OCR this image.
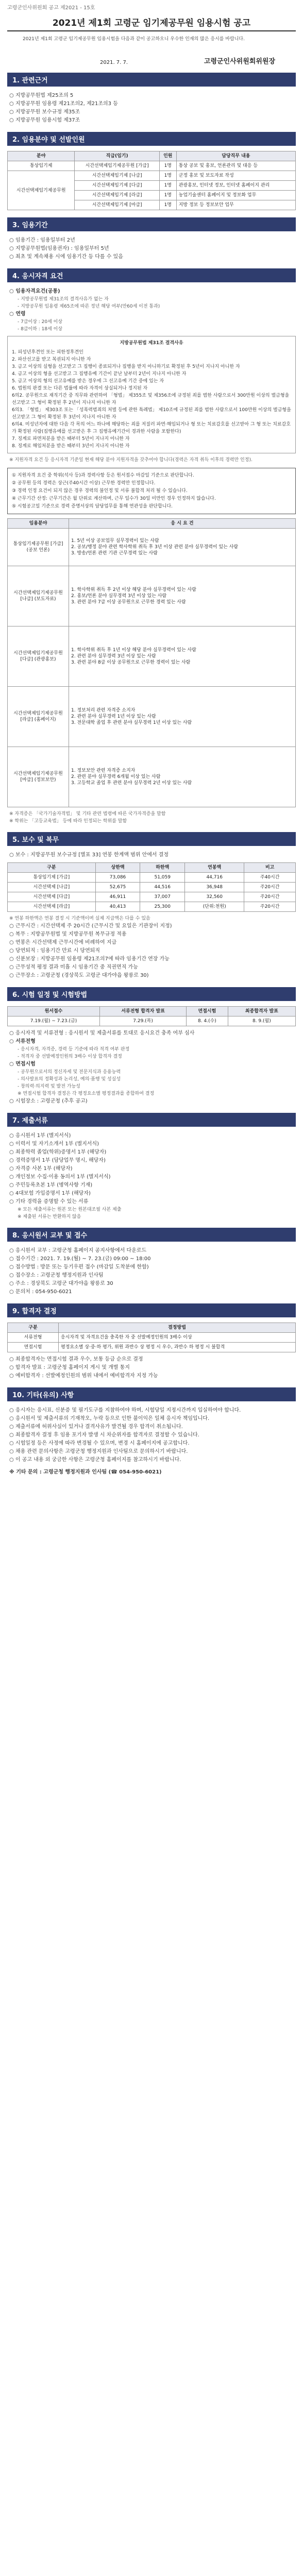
고령군인사위원회 공고 제2021 - 15호
2021년 제1회 고령군 임기제공무원 임용시험 공고
2021년 제1회 고령군 임기제공무원 임용시험을 다음과 같이 공고하오니 우수한 인재의 많은 응시를 바랍니다.
2021. 7. 7.	고령군인사위원회위원장
1. 관련근거
○ 지방공무원법 제25조의 5
○ 지방공무원 임용령 제21조의2, 제21조의3 등
○ 지방공무원 보수규정 제35조
○ 지방공무원 임용시험 제37조
2. 임용분야 및 선발인원
분야	직급(임기)	인원	담당직무 내용
통상임기제	시간선택제임기제공무원 [가급]	1명	통상 공보 및 홍보, 언론관리 및 대응 등
시간선택제임기제공무원	시간선택제임기제 [나급]	1명	군정 홍보 및 보도자료 작성
	시간선택제임기제 [다급]	1명	관광홍보, 인터넷 정보, 인터넷 홈페이지 관리
	시간선택제임기제 [라급]	1명	농업기술센터 홈페이지 및 정보화 업무
	시간선택제임기제 [마급]	1명	지방 정보 등 정보보안 업무
3. 임용기간
○ 임용기간 : 임용일부터 2년
○ 지방공무원법(임용권자) : 임용일부터 5년
○ 최초 및 계속채용 시에 임용기간 등 다를 수 있음
4. 응시자격 요건
○ 임용자격요건(공통)
- 지방공무원법 제31조의 결격사유가 없는 자
- 지방공무원 임용령 제65조에 따른 정년 해당 여부(만60세 이전 통과)
○ 연령
- 7급이상 : 20세 이상
- 8급이하 : 18세 이상
지방공무원법 제31조 결격사유
1. 피성년후견인 또는 피한정후견인
2. 파산선고를 받고 복권되지 아니한 자
3. 금고 이상의 실형을 선고받고 그 집행이 종료되거나 집행을 받지 아니하기로 확정된 후 5년이 지나지 아니한 자
4. 금고 이상의 형을 선고받고 그 집행유예 기간이 끝난 날부터 2년이 지나지 아니한 자
5. 금고 이상의 형의 선고유예를 받은 경우에 그 선고유예 기간 중에 있는 자
6. 법원의 판결 또는 다른 법률에 따라 자격이 상실되거나 정지된 자
6의2. 공무원으로 재직기간 중 직무와 관련하여 「형법」 제355조 및 제356조에 규정된 죄를 범한 사람으로서 300만원 이상의 벌금형을 선고받고 그 형이 확정된 후 2년이 지나지 아니한 자
6의3. 「형법」 제303조 또는 「성폭력범죄의 처벌 등에 관한 특례법」 제10조에 규정된 죄를 범한 사람으로서 100만원 이상의 벌금형을 선고받고 그 형이 확정된 후 3년이 지나지 아니한 자
6의4. 미성년자에 대한 다음 각 목의 어느 하나에 해당하는 죄를 저질러 파면·해임되거나 형 또는 치료감호를 선고받아 그 형 또는 치료감호가 확정된 사람(집행유예를 선고받은 후 그 집행유예기간이 경과한 사람을 포함한다)
7. 징계로 파면처분을 받은 때부터 5년이 지나지 아니한 자
8. 징계로 해임처분을 받은 때부터 3년이 지나지 아니한 자
※ 지원자격 요건 등 응시자격 기준일 현재 해당 분야 지원자격을 갖추어야 합니다(경력은 자격 취득 이후의 경력만 인정).
① 지원자격 요건 중 학위(석사 등)과 경력사항 등은 원서접수 마감일 기준으로 판단합니다.
② 공무원 등의 경력은 상근(주40시간 이상) 근무한 경력만 인정합니다.
③ 경력 인정 요건이 되지 않은 경우 경력의 불인정 및 서류 불합격 처리 될 수 있습니다.
④ 근무기간 산정: 근무기간은 월 단위로 계산하며, 근무 일수가 30일 미만인 경우 인정하지 않습니다.
⑤ 시험공고일 기준으로 경력 증명서상의 담당업무를 통해 연관성을 판단합니다.
임용분야	응 시 요 건
통상임기제공무원 [가급] (공보 언론)	1. 5년 이상 공보업무 실무경력이 있는 사람
2. 공보/행정 분야 관련 학사학위 취득 후 3년 이상 관련 분야 실무경력이 있는 사람
3. 방송/언론 관련 기관 근무경력 있는 사람
시간선택제임기제공무원 [나급] (보도자료)	1. 학사학위 취득 후 2년 이상 해당 분야 실무경력이 있는 사람
2. 홍보/언론 분야 실무경력 3년 이상 있는 사람
3. 관련 분야 7급 이상 공무원으로 근무한 경력 있는 사람
시간선택제임기제공무원 [다급] (관광홍보)	1. 학사학위 취득 후 1년 이상 해당 분야 실무경력이 있는 사람
2. 관련 분야 실무경력 3년 이상 있는 사람
3. 관련 분야 8급 이상 공무원으로 근무한 경력이 있는 사람
시간선택제임기제공무원 [라급] (홈페이지)	1. 정보처리 관련 자격증 소지자
2. 관련 분야 실무경력 1년 이상 있는 사람
3. 전문대학 졸업 후 관련 분야 실무경력 1년 이상 있는 사람
시간선택제임기제공무원 [마급] (정보보안)	1. 정보보안 관련 자격증 소지자
2. 관련 분야 실무경력 6개월 이상 있는 사람
3. 고등학교 졸업 후 관련 분야 실무경력 2년 이상 있는 사람
※ 자격증은 「국가기술자격법」 및 기타 관련 법령에 따른 국가자격증을 말함
※ 학위는 「고등교육법」 등에 따라 인정되는 학위를 말함
5. 보수 및 복무
○ 보수 : 지방공무원 보수규정 [별표 33] 연봉 한계액 범위 안에서 결정
구분	상한액	하한액	연봉액	비고
통상임기제 [가급]	73,086	51,059	44,716	주40시간
시간선택제 [나급]	52,675	44,516	36,948	주20시간
시간선택제 [다급]	46,911	37,007	32,560	주20시간
시간선택제 [라급]	40,413	25,300	(단위:천원)	주20시간
※ 연봉 하한액은 연봉 결정 시 기준액이며 실제 지급액은 다를 수 있음
○ 근무시간 : 시간선택제 주 20시간 (근무시간 및 요일은 기관장이 지정)
○ 복무 : 지방공무원법 및 지방공무원 복무규정 적용
○ 연봉은 시간선택제 근무시간에 비례하여 지급
○ 당연퇴직 : 임용기간 만료 시 당연퇴직
○ 신분보장 : 지방공무원 임용령 제21조의7에 따라 임용기간 연장 가능
○ 근무성적 평정 결과 미흡 시 임용기간 중 직권면직 가능
○ 근무장소 : 고령군청 (경상북도 고령군 대가야읍 왕릉로 30)
6. 시험 일정 및 시험방법
원서접수	서류전형 합격자 발표	면접시험	최종합격자 발표
7.19.(월) ~ 7.23.(금)	7.29.(목)	8. 4.(수)	8. 9.(월)
○ 응시자격 및 서류전형 : 응시원서 및 제출서류를 토대로 응시요건 충족 여부 심사
○ 서류전형
- 응시자격, 자격증, 경력 등 기준에 따라 적격 여부 판정
- 적격자 중 선발예정인원의 3배수 이상 합격자 결정
○ 면접시험
- 공무원으로서의 정신자세 및 전문지식과 응용능력
- 의사발표의 정확성과 논리성, 예의·품행 및 성실성
- 창의력·의지력 및 발전 가능성
※ 면접시험 합격자 결정은 각 평정요소별 평정결과를 종합하여 결정
○ 시험장소 : 고령군청 (추후 공고)
7. 제출서류
○ 응시원서 1부 (별지서식)
○ 이력서 및 자기소개서 1부 (별지서식)
○ 최종학력 졸업(학위)증명서 1부 (해당자)
○ 경력증명서 1부 (담당업무 명시, 해당자)
○ 자격증 사본 1부 (해당자)
○ 개인정보 수집·이용 동의서 1부 (별지서식)
○ 주민등록초본 1부 (병역사항 기재)
○ 4대보험 가입증명서 1부 (해당자)
○ 기타 경력을 증명할 수 있는 서류
※ 모든 제출서류는 원본 또는 원본대조필 사본 제출
※ 제출된 서류는 반환하지 않음
8. 응시원서 교부 및 접수
○ 응시원서 교부 : 고령군청 홈페이지 공지사항에서 다운로드
○ 접수기간 : 2021. 7. 19.(월) ~ 7. 23.(금) 09:00 ~ 18:00
○ 접수방법 : 방문 또는 등기우편 접수 (마감일 도착분에 한함)
○ 접수장소 : 고령군청 행정지원과 인사팀
○ 주소 : 경상북도 고령군 대가야읍 왕릉로 30
○ 문의처 : 054-950-6021
9. 합격자 결정
구분	결정방법
서류전형	응시자격 및 자격요건을 충족한 자 중 선발예정인원의 3배수 이상
면접시험	평정요소별 상·중·하 평가, 위원 과반수 상 평정 시 우수, 과반수 하 평정 시 불합격
○ 최종합격자는 면접시험 결과 우수, 보통 등급 순으로 결정
○ 합격자 발표 : 고령군청 홈페이지 게시 및 개별 통지
○ 예비합격자 : 선발예정인원의 범위 내에서 예비합격자 지정 가능
10. 기타(유의) 사항
○ 응시자는 응시표, 신분증 및 필기도구를 지참하여야 하며, 시험당일 지정시간까지 입실하여야 합니다.
○ 응시원서 및 제출서류의 기재착오, 누락 등으로 인한 불이익은 일체 응시자 책임입니다.
○ 제출서류에 허위사실이 있거나 결격사유가 발견될 경우 합격이 취소됩니다.
○ 최종합격자 결정 후 임용 포기자 발생 시 차순위자를 합격자로 결정할 수 있습니다.
○ 시험일정 등은 사정에 따라 변경될 수 있으며, 변경 시 홈페이지에 공고합니다.
○ 채용 관련 문의사항은 고령군청 행정지원과 인사팀으로 문의하시기 바랍니다.
○ 이 공고 내용 외 궁금한 사항은 고령군청 홈페이지를 참고하시기 바랍니다.
※ 기타 문의 : 고령군청 행정지원과 인사팀 (☎ 054-950-6021)
